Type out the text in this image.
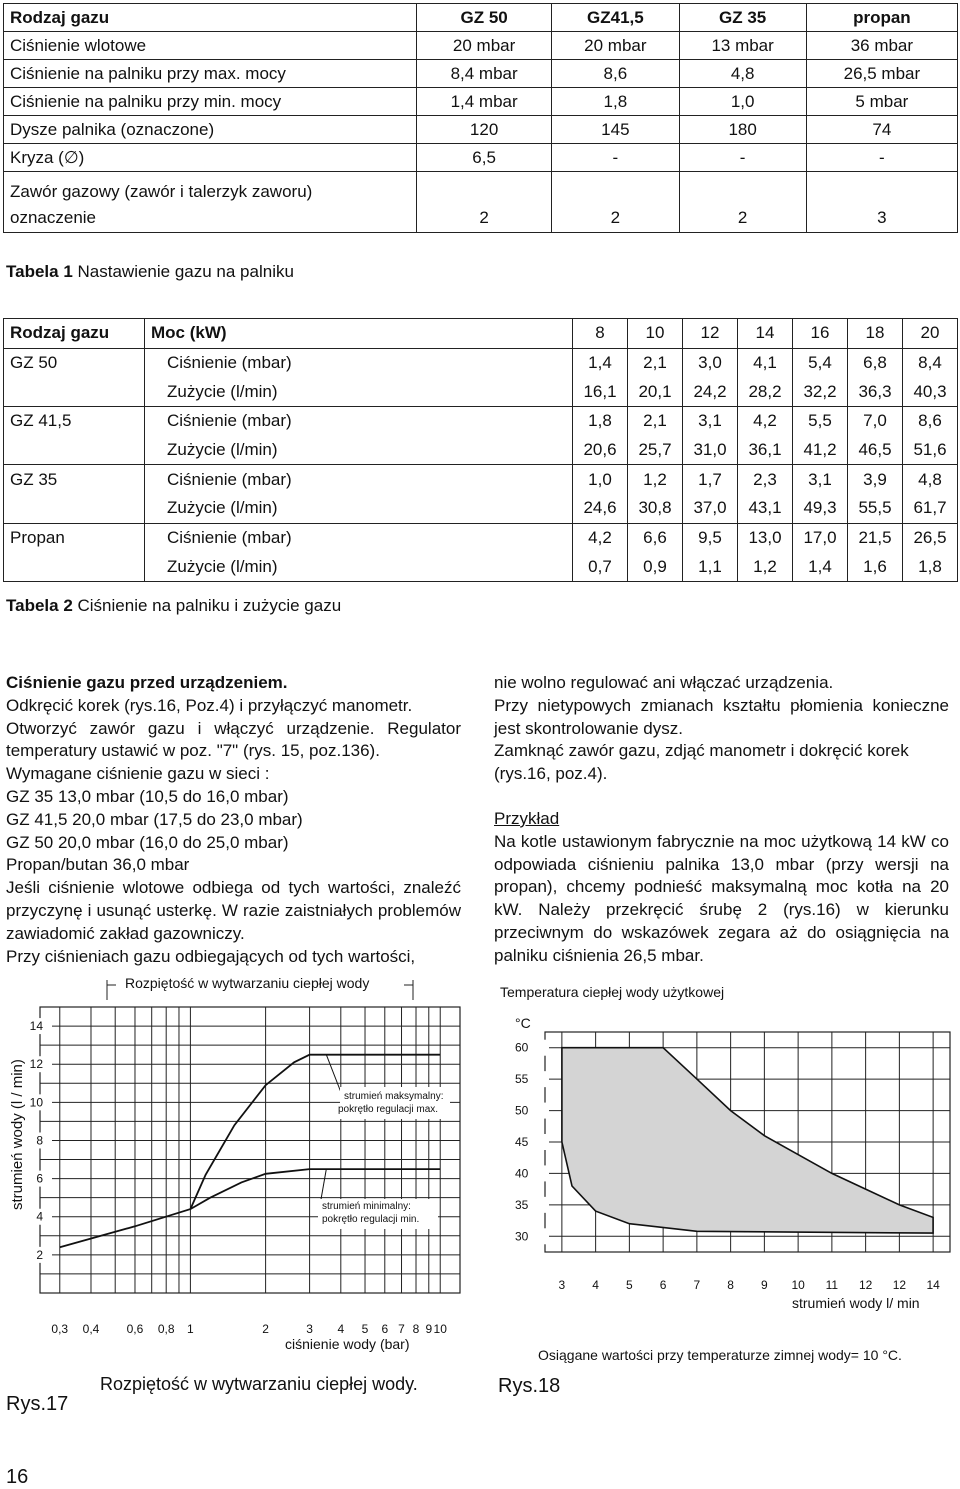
Rodzaj gazu	GZ 50	GZ41,5	GZ 35	propan
Ciśnienie wlotowe	20 mbar	20 mbar	13 mbar	36 mbar
Ciśnienie na palniku przy max. mocy	8,4 mbar	8,6	4,8	26,5 mbar
Ciśnienie na palniku przy min. mocy	1,4 mbar	1,8	1,0	5 mbar
Dysze palnika (oznaczone)	120	145	180	74
Kryza (∅)	6,5	-	-	-

Zawór gazowy (zawór i talerzyk zaworu)
oznaczenie	2	2	2	3
Tabela 1 Nastawienie gazu na palniku
Rodzaj gazu	Moc (kW)	8	10	12	14	16	18	20
GZ 50	Ciśnienie (mbar)	1,4	2,1	3,0	4,1	5,4	6,8	8,4
	Zużycie (l/min)	16,1	20,1	24,2	28,2	32,2	36,3	40,3
GZ 41,5	Ciśnienie (mbar)	1,8	2,1	3,1	4,2	5,5	7,0	8,6
	Zużycie (l/min)	20,6	25,7	31,0	36,1	41,2	46,5	51,6
GZ 35	Ciśnienie (mbar)	1,0	1,2	1,7	2,3	3,1	3,9	4,8
	Zużycie (l/min)	24,6	30,8	37,0	43,1	49,3	55,5	61,7
Propan	Ciśnienie (mbar)	4,2	6,6	9,5	13,0	17,0	21,5	26,5
	Zużycie (l/min)	0,7	0,9	1,1	1,2	1,4	1,6	1,8
Tabela 2 Ciśnienie na palniku i zużycie gazu

Ciśnienie gazu przed urządzeniem.

Odkręcić korek (rys.16, Poz.4) i przyłączyć manometr.

Otworzyć zawór gazu i włączyć urządzenie. Regulator temperatury ustawić w poz. "7" (rys. 15, poz.136).

Wymagane ciśnienie gazu w sieci :

GZ 35 13,0 mbar (10,5 do 16,0 mbar)

GZ 41,5 20,0 mbar (17,5 do 23,0 mbar)

GZ 50 20,0 mbar (16,0 do 25,0 mbar)

Propan/butan 36,0 mbar

Jeśli ciśnienie wlotowe odbiega od tych wartości, znaleźć przyczynę i usunąć usterkę. W razie zaistniałych problemów zawiadomić zakład gazowniczy.

Przy ciśnieniach gazu odbiegających od tych wartości,

nie wolno regulować ani włączać urządzenia.

Przy nietypowych zmianach kształtu płomienia konieczne jest skontrolowanie dysz.

Zamknąć zawór gazu, zdjąć manometr i dokręcić korek (rys.16, poz.4).

Przykład

Na kotle ustawionym fabrycznie na moc użytkową 14 kW co odpowiada ciśnieniu palnika 13,0 mbar (przy wersji na propan), chcemy podnieść maksymalną moc kotła na 20 kW. Należy przekręcić śrubę 2 (rys.16) w kierunku przeciwnym do wskazówek zegara aż do osiągnięcia na palniku ciśnienia 26,5 mbar.

Rozpiętość w wytwarzaniu ciepłej wody
0,3 0,4 0,6 0,8 1	2	3 4 5 6 7 8 9 10
2
4
6
8
10
12
14
strumień maksymalny:
pokrętło regulacji max.
strumień minimalny:
pokrętło regulacji min.
ciśnienie wody (bar)
strumień wody (l / min)
Rozpiętość w wytwarzaniu ciepłej wody.
Rys.17
Temperatura ciepłej wody użytkowej
°C
30
35
40
45
50
55
60
3 4 5 6 7 8 9 10 11 12 12 14
strumień wody l/ min
Osiągane wartości przy temperaturze zimnej wody= 10 °C.
Rys.18
16
